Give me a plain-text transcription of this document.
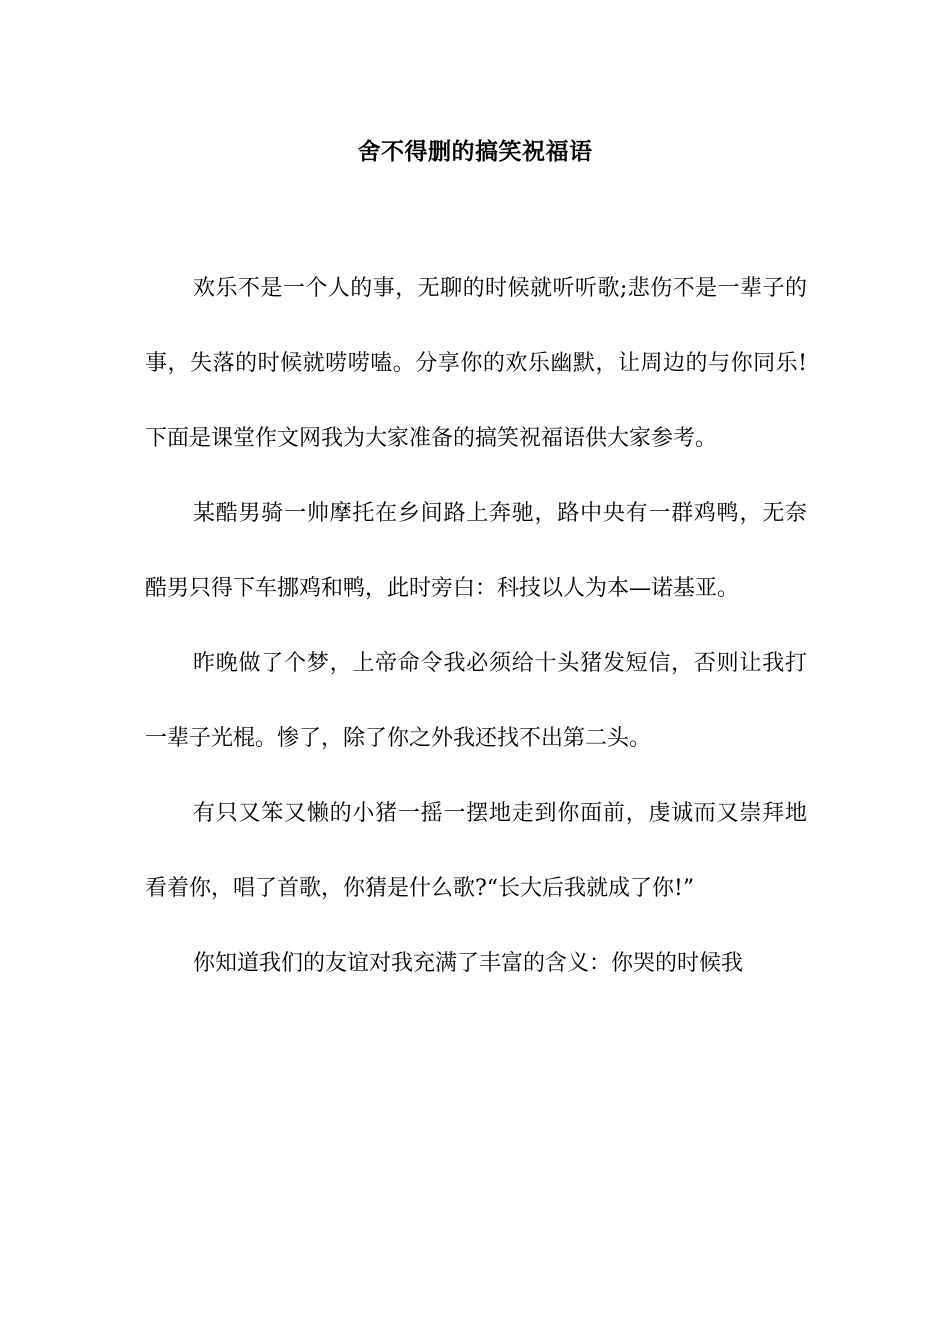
舍不得删的搞笑祝福语

欢乐不是一个人的事，无聊的时候就听听歌;悲伤不是一辈子的事，失落的时候就唠唠嗑。分享你的欢乐幽默，让周边的与你同乐!下面是课堂作文网我为大家准备的搞笑祝福语供大家参考。

某酷男骑一帅摩托在乡间路上奔驰，路中央有一群鸡鸭，无奈酷男只得下车挪鸡和鸭，此时旁白：科技以人为本—诺基亚。

昨晚做了个梦，上帝命令我必须给十头猪发短信，否则让我打一辈子光棍。惨了，除了你之外我还找不出第二头。

有只又笨又懒的小猪一摇一摆地走到你面前，虔诚而又崇拜地看着你，唱了首歌，你猜是什么歌?“长大后我就成了你!”

你知道我们的友谊对我充满了丰富的含义：你哭的时候我
